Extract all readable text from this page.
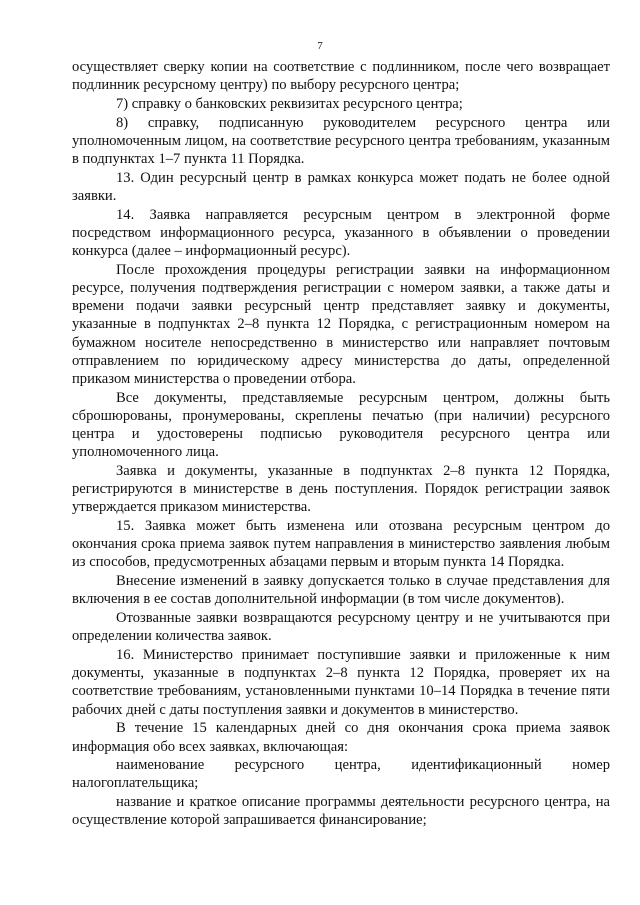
7

осуществляет сверку копии на соответствие с подлинником, после чего возвращает подлинник ресурсному центру) по выбору ресурсного центра;

7) справку о банковских реквизитах ресурсного центра;

8) справку, подписанную руководителем ресурсного центра или уполномоченным лицом, на соответствие ресурсного центра требованиям, указанным в подпунктах 1–7 пункта 11 Порядка.

13. Один ресурсный центр в рамках конкурса может подать не более одной заявки.

14. Заявка направляется ресурсным центром в электронной форме посредством информационного ресурса, указанного в объявлении о проведении конкурса (далее – информационный ресурс).

После прохождения процедуры регистрации заявки на информационном ресурсе, получения подтверждения регистрации с номером заявки, а также даты и времени подачи заявки ресурсный центр представляет заявку и документы, указанные в подпунктах 2–8 пункта 12 Порядка, с регистрационным номером на бумажном носителе непосредственно в министерство или направляет почтовым отправлением по юридическому адресу министерства до даты, определенной приказом министерства о проведении отбора.

Все документы, представляемые ресурсным центром, должны быть сброшюрованы, пронумерованы, скреплены печатью (при наличии) ресурсного центра и удостоверены подписью руководителя ресурсного центра или уполномоченного лица.

Заявка и документы, указанные в подпунктах 2–8 пункта 12 Порядка, регистрируются в министерстве в день поступления. Порядок регистрации заявок утверждается приказом министерства.

15. Заявка может быть изменена или отозвана ресурсным центром до окончания срока приема заявок путем направления в министерство заявления любым из способов, предусмотренных абзацами первым и вторым пункта 14 Порядка.

Внесение изменений в заявку допускается только в случае представления для включения в ее состав дополнительной информации (в том числе документов).

Отозванные заявки возвращаются ресурсному центру и не учитываются при определении количества заявок.

16. Министерство принимает поступившие заявки и приложенные к ним документы, указанные в подпунктах 2–8 пункта 12 Порядка, проверяет их на соответствие требованиям, установленными пунктами 10–14 Порядка в течение пяти рабочих дней с даты поступления заявки и документов в министерство.

В течение 15 календарных дней со дня окончания срока приема заявок информация обо всех заявках, включающая:

наименование ресурсного центра, идентификационный номер налогоплательщика;

название и краткое описание программы деятельности ресурсного центра, на осуществление которой запрашивается финансирование;
